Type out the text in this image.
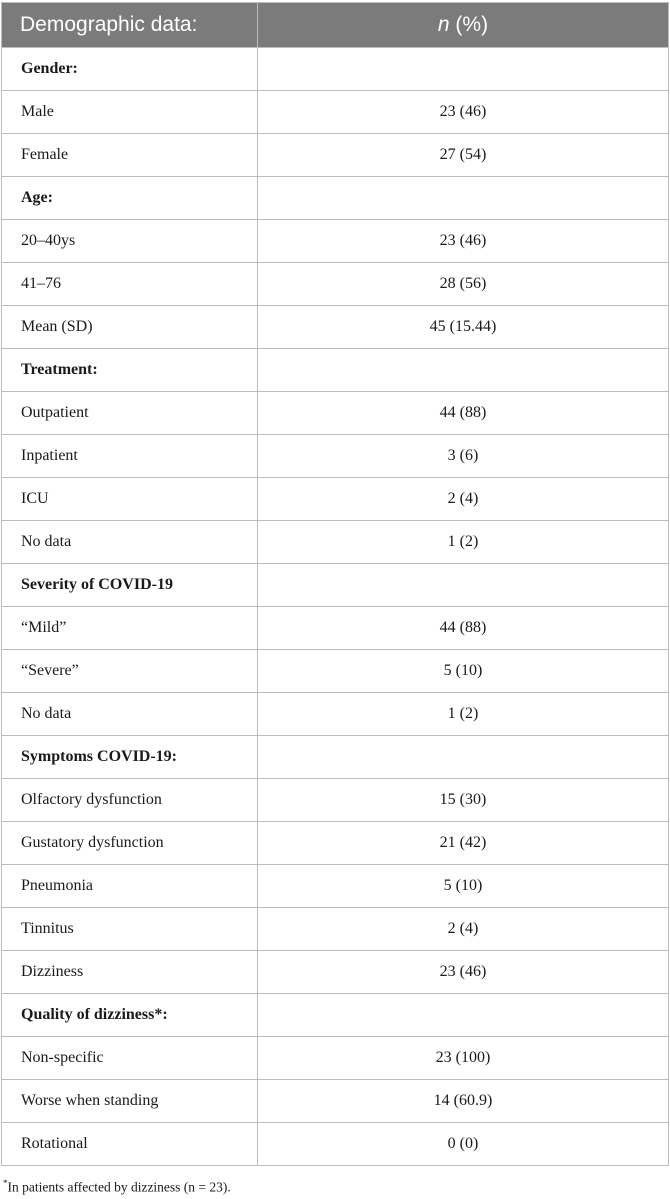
Demographic data:	n (%)
Gender:	
Male	23 (46)
Female	27 (54)
Age:	
20–40ys	23 (46)
41–76	28 (56)
Mean (SD)	45 (15.44)
Treatment:	
Outpatient	44 (88)
Inpatient	3 (6)
ICU	2 (4)
No data	1 (2)
Severity of COVID-19	
“Mild”	44 (88)
“Severe”	5 (10)
No data	1 (2)
Symptoms COVID-19:	
Olfactory dysfunction	15 (30)
Gustatory dysfunction	21 (42)
Pneumonia	5 (10)
Tinnitus	2 (4)
Dizziness	23 (46)
Quality of dizziness*:	
Non-specific	23 (100)
Worse when standing	14 (60.9)
Rotational	0 (0)
*In patients affected by dizziness (n = 23).
